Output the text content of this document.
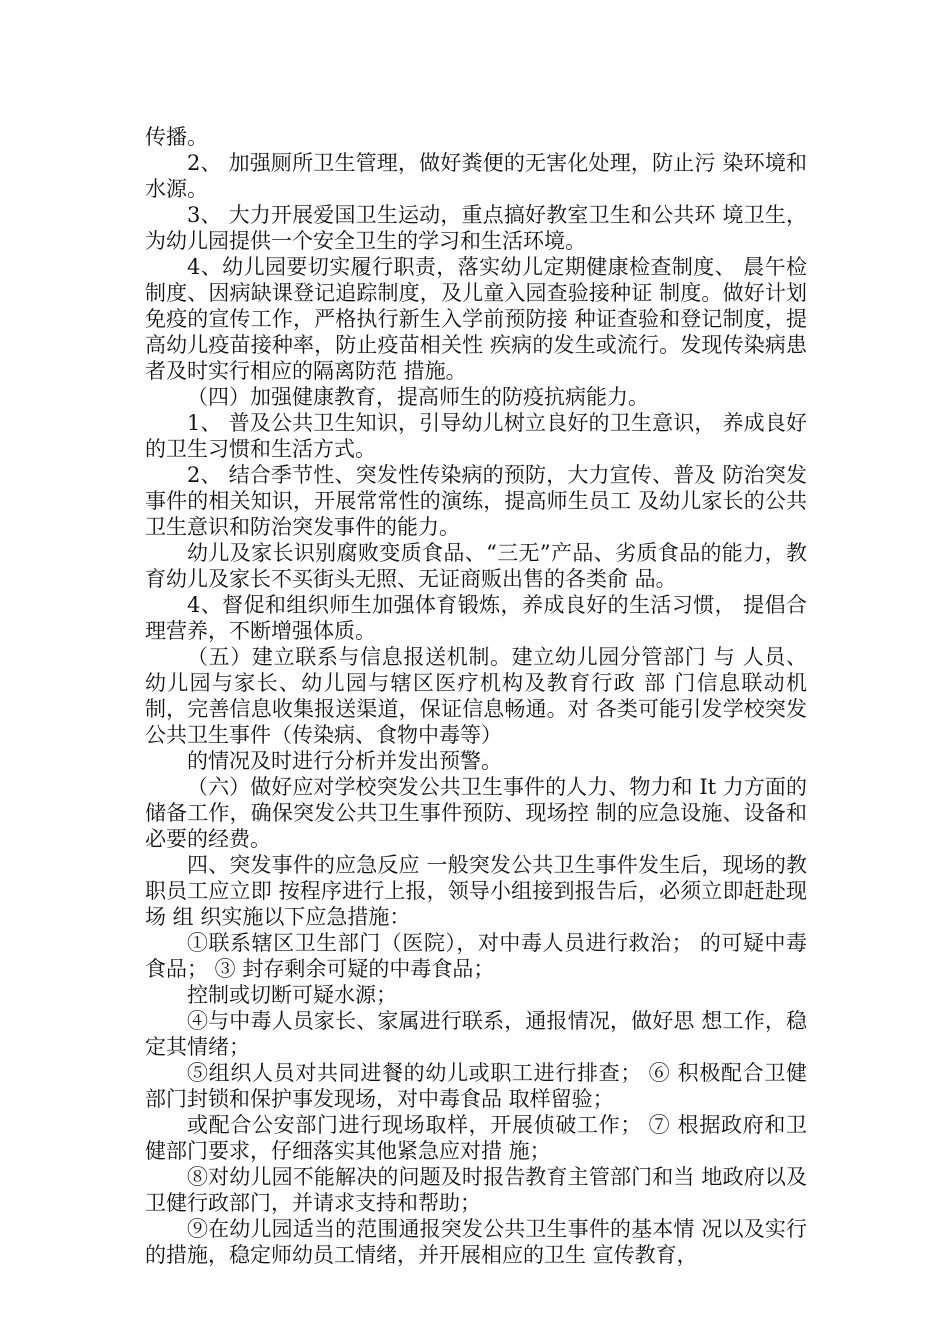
传播。

2、 加强厕所卫生管理，做好粪便的无害化处理，防止污 染环境和水源。

3、 大力开展爱国卫生运动，重点搞好教室卫生和公共环 境卫生，为幼儿园提供一个安全卫生的学习和生活环境。

4、幼儿园要切实履行职责，落实幼儿定期健康检查制度、 晨午检制度、因病缺课登记追踪制度，及儿童入园查验接种证 制度。做好计划免疫的宣传工作，严格执行新生入学前预防接 种证查验和登记制度，提高幼儿疫苗接种率，防止疫苗相关性 疾病的发生或流行。发现传染病患者及时实行相应的隔离防范 措施。

（四）加强健康教育，提高师生的防疫抗病能力。

1、 普及公共卫生知识，引导幼儿树立良好的卫生意识， 养成良好的卫生习惯和生活方式。

2、 结合季节性、突发性传染病的预防，大力宣传、普及 防治突发事件的相关知识，开展常常性的演练，提高师生员工 及幼儿家长的公共卫生意识和防治突发事件的能力。

幼儿及家长识别腐败变质食品、“三无”产品、劣质食品的能力，教育幼儿及家长不买街头无照、无证商贩出售的各类俞 品。

4、督促和组织师生加强体育锻炼，养成良好的生活习惯， 提倡合理营养，不断增强体质。

（五）建立联系与信息报送机制。建立幼儿园分管部门 与 人员、幼儿园与家长、幼儿园与辖区医疗机构及教育行政 部 门信息联动机制，完善信息收集报送渠道，保证信息畅通。对 各类可能引发学校突发公共卫生事件（传染病、食物中毒等）

的情况及时进行分析并发出预警。

（六）做好应对学校突发公共卫生事件的人力、物力和 It 力方面的储备工作，确保突发公共卫生事件预防、现场控 制的应急设施、设备和必要的经费。

四、突发事件的应急反应 一般突发公共卫生事件发生后，现场的教职员工应立即 按程序进行上报，领导小组接到报告后，必须立即赶赴现场 组 织实施以下应急措施：

①联系辖区卫生部门（医院），对中毒人员进行救治； 的可疑中毒食品； ③ 封存剩余可疑的中毒食品；

控制或切断可疑水源；

④与中毒人员家长、家属进行联系，通报情况，做好思 想工作，稳定其情绪；

⑤组织人员对共同进餐的幼儿或职工进行排查； ⑥ 积极配合卫健部门封锁和保护事发现场，对中毒食品 取样留验；

或配合公安部门进行现场取样，开展侦破工作； ⑦ 根据政府和卫健部门要求，仔细落实其他紧急应对措 施；

⑧对幼儿园不能解决的问题及时报告教育主管部门和当 地政府以及卫健行政部门，并请求支持和帮助；

⑨在幼儿园适当的范围通报突发公共卫生事件的基本情 况以及实行的措施，稳定师幼员工情绪，并开展相应的卫生 宣传教育，
